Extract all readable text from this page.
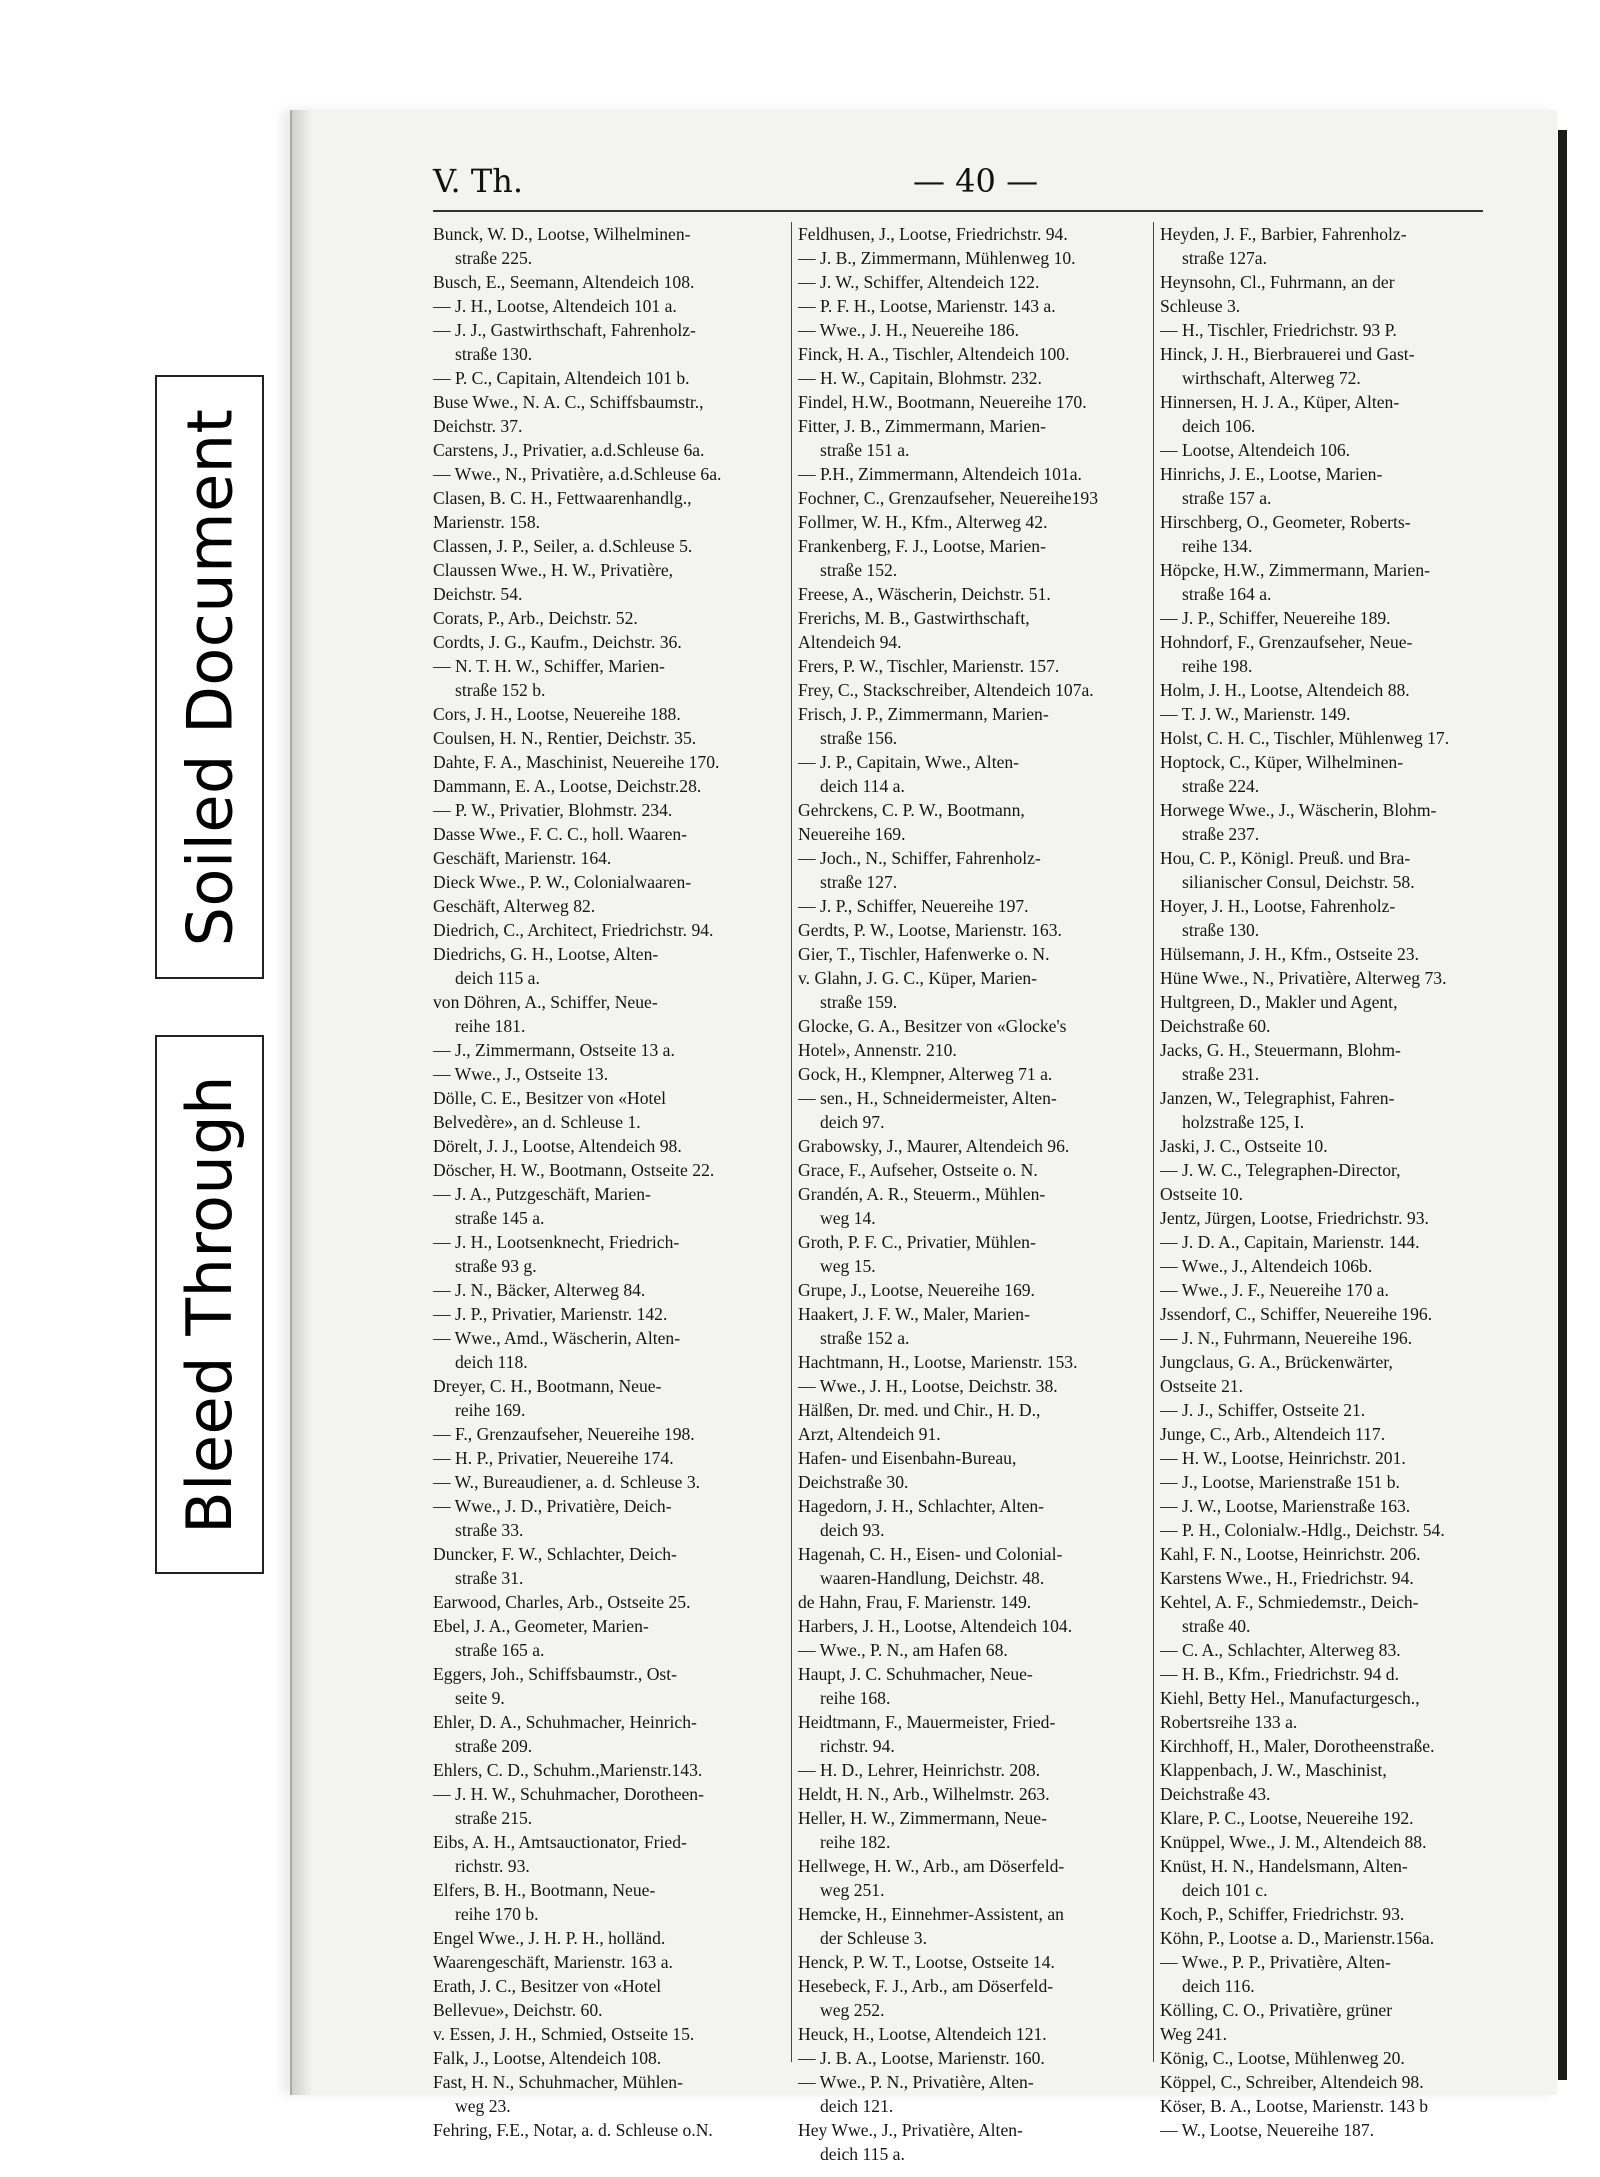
Soiled Document
Bleed Through
V. Th.	— 40 —
Bunck, W. D., Lootse, Wilhelminen-
straße 225.
Busch, E., Seemann, Altendeich 108.
— J. H., Lootse, Altendeich 101 a.
— J. J., Gastwirthschaft, Fahrenholz-
straße 130.
— P. C., Capitain, Altendeich 101 b.
Buse Wwe., N. A. C., Schiffsbaumstr.,
Deichstr. 37.
Carstens, J., Privatier, a.d.Schleuse 6a.
— Wwe., N., Privatière, a.d.Schleuse 6a.
Clasen, B. C. H., Fettwaarenhandlg.,
Marienstr. 158.
Classen, J. P., Seiler, a. d.Schleuse 5.
Claussen Wwe., H. W., Privatière,
Deichstr. 54.
Corats, P., Arb., Deichstr. 52.
Cordts, J. G., Kaufm., Deichstr. 36.
— N. T. H. W., Schiffer, Marien-
straße 152 b.
Cors, J. H., Lootse, Neuereihe 188.
Coulsen, H. N., Rentier, Deichstr. 35.
Dahte, F. A., Maschinist, Neuereihe 170.
Dammann, E. A., Lootse, Deichstr.28.
— P. W., Privatier, Blohmstr. 234.
Dasse Wwe., F. C. C., holl. Waaren-
Geschäft, Marienstr. 164.
Dieck Wwe., P. W., Colonialwaaren-
Geschäft, Alterweg 82.
Diedrich, C., Architect, Friedrichstr. 94.
Diedrichs, G. H., Lootse, Alten-
deich 115 a.
von Döhren, A., Schiffer, Neue-
reihe 181.
— J., Zimmermann, Ostseite 13 a.
— Wwe., J., Ostseite 13.
Dölle, C. E., Besitzer von «Hotel
Belvedère», an d. Schleuse 1.
Dörelt, J. J., Lootse, Altendeich 98.
Döscher, H. W., Bootmann, Ostseite 22.
— J. A., Putzgeschäft, Marien-
straße 145 a.
— J. H., Lootsenknecht, Friedrich-
straße 93 g.
— J. N., Bäcker, Alterweg 84.
— J. P., Privatier, Marienstr. 142.
— Wwe., Amd., Wäscherin, Alten-
deich 118.
Dreyer, C. H., Bootmann, Neue-
reihe 169.
— F., Grenzaufseher, Neuereihe 198.
— H. P., Privatier, Neuereihe 174.
— W., Bureaudiener, a. d. Schleuse 3.
— Wwe., J. D., Privatière, Deich-
straße 33.
Duncker, F. W., Schlachter, Deich-
straße 31.
Earwood, Charles, Arb., Ostseite 25.
Ebel, J. A., Geometer, Marien-
straße 165 a.
Eggers, Joh., Schiffsbaumstr., Ost-
seite 9.
Ehler, D. A., Schuhmacher, Heinrich-
straße 209.
Ehlers, C. D., Schuhm.,Marienstr.143.
— J. H. W., Schuhmacher, Dorotheen-
straße 215.
Eibs, A. H., Amtsauctionator, Fried-
richstr. 93.
Elfers, B. H., Bootmann, Neue-
reihe 170 b.
Engel Wwe., J. H. P. H., holländ.
Waarengeschäft, Marienstr. 163 a.
Erath, J. C., Besitzer von «Hotel
Bellevue», Deichstr. 60.
v. Essen, J. H., Schmied, Ostseite 15.
Falk, J., Lootse, Altendeich 108.
Fast, H. N., Schuhmacher, Mühlen-
weg 23.
Fehring, F.E., Notar, a. d. Schleuse o.N.
Feldhusen, J., Lootse, Friedrichstr. 94.
— J. B., Zimmermann, Mühlenweg 10.
— J. W., Schiffer, Altendeich 122.
— P. F. H., Lootse, Marienstr. 143 a.
— Wwe., J. H., Neuereihe 186.
Finck, H. A., Tischler, Altendeich 100.
— H. W., Capitain, Blohmstr. 232.
Findel, H.W., Bootmann, Neuereihe 170.
Fitter, J. B., Zimmermann, Marien-
straße 151 a.
— P.H., Zimmermann, Altendeich 101a.
Fochner, C., Grenzaufseher, Neuereihe193
Follmer, W. H., Kfm., Alterweg 42.
Frankenberg, F. J., Lootse, Marien-
straße 152.
Freese, A., Wäscherin, Deichstr. 51.
Frerichs, M. B., Gastwirthschaft,
Altendeich 94.
Frers, P. W., Tischler, Marienstr. 157.
Frey, C., Stackschreiber, Altendeich 107a.
Frisch, J. P., Zimmermann, Marien-
straße 156.
— J. P., Capitain, Wwe., Alten-
deich 114 a.
Gehrckens, C. P. W., Bootmann,
Neuereihe 169.
— Joch., N., Schiffer, Fahrenholz-
straße 127.
— J. P., Schiffer, Neuereihe 197.
Gerdts, P. W., Lootse, Marienstr. 163.
Gier, T., Tischler, Hafenwerke o. N.
v. Glahn, J. G. C., Küper, Marien-
straße 159.
Glocke, G. A., Besitzer von «Glocke's
Hotel», Annenstr. 210.
Gock, H., Klempner, Alterweg 71 a.
— sen., H., Schneidermeister, Alten-
deich 97.
Grabowsky, J., Maurer, Altendeich 96.
Grace, F., Aufseher, Ostseite o. N.
Grandén, A. R., Steuerm., Mühlen-
weg 14.
Groth, P. F. C., Privatier, Mühlen-
weg 15.
Grupe, J., Lootse, Neuereihe 169.
Haakert, J. F. W., Maler, Marien-
straße 152 a.
Hachtmann, H., Lootse, Marienstr. 153.
— Wwe., J. H., Lootse, Deichstr. 38.
Hälßen, Dr. med. und Chir., H. D.,
Arzt, Altendeich 91.
Hafen- und Eisenbahn-Bureau,
Deichstraße 30.
Hagedorn, J. H., Schlachter, Alten-
deich 93.
Hagenah, C. H., Eisen- und Colonial-
waaren-Handlung, Deichstr. 48.
de Hahn, Frau, F. Marienstr. 149.
Harbers, J. H., Lootse, Altendeich 104.
— Wwe., P. N., am Hafen 68.
Haupt, J. C. Schuhmacher, Neue-
reihe 168.
Heidtmann, F., Mauermeister, Fried-
richstr. 94.
— H. D., Lehrer, Heinrichstr. 208.
Heldt, H. N., Arb., Wilhelmstr. 263.
Heller, H. W., Zimmermann, Neue-
reihe 182.
Hellwege, H. W., Arb., am Döserfeld-
weg 251.
Hemcke, H., Einnehmer-Assistent, an
der Schleuse 3.
Henck, P. W. T., Lootse, Ostseite 14.
Hesebeck, F. J., Arb., am Döserfeld-
weg 252.
Heuck, H., Lootse, Altendeich 121.
— J. B. A., Lootse, Marienstr. 160.
— Wwe., P. N., Privatière, Alten-
deich 121.
Hey Wwe., J., Privatière, Alten-
deich 115 a.
Heyden, J. F., Barbier, Fahrenholz-
straße 127a.
Heynsohn, Cl., Fuhrmann, an der
Schleuse 3.
— H., Tischler, Friedrichstr. 93 P.
Hinck, J. H., Bierbrauerei und Gast-
wirthschaft, Alterweg 72.
Hinnersen, H. J. A., Küper, Alten-
deich 106.
— Lootse, Altendeich 106.
Hinrichs, J. E., Lootse, Marien-
straße 157 a.
Hirschberg, O., Geometer, Roberts-
reihe 134.
Höpcke, H.W., Zimmermann, Marien-
straße 164 a.
— J. P., Schiffer, Neuereihe 189.
Hohndorf, F., Grenzaufseher, Neue-
reihe 198.
Holm, J. H., Lootse, Altendeich 88.
— T. J. W., Marienstr. 149.
Holst, C. H. C., Tischler, Mühlenweg 17.
Hoptock, C., Küper, Wilhelminen-
straße 224.
Horwege Wwe., J., Wäscherin, Blohm-
straße 237.
Hou, C. P., Königl. Preuß. und Bra-
silianischer Consul, Deichstr. 58.
Hoyer, J. H., Lootse, Fahrenholz-
straße 130.
Hülsemann, J. H., Kfm., Ostseite 23.
Hüne Wwe., N., Privatière, Alterweg 73.
Hultgreen, D., Makler und Agent,
Deichstraße 60.
Jacks, G. H., Steuermann, Blohm-
straße 231.
Janzen, W., Telegraphist, Fahren-
holzstraße 125, I.
Jaski, J. C., Ostseite 10.
— J. W. C., Telegraphen-Director,
Ostseite 10.
Jentz, Jürgen, Lootse, Friedrichstr. 93.
— J. D. A., Capitain, Marienstr. 144.
— Wwe., J., Altendeich 106b.
— Wwe., J. F., Neuereihe 170 a.
Jssendorf, C., Schiffer, Neuereihe 196.
— J. N., Fuhrmann, Neuereihe 196.
Jungclaus, G. A., Brückenwärter,
Ostseite 21.
— J. J., Schiffer, Ostseite 21.
Junge, C., Arb., Altendeich 117.
— H. W., Lootse, Heinrichstr. 201.
— J., Lootse, Marienstraße 151 b.
— J. W., Lootse, Marienstraße 163.
— P. H., Colonialw.-Hdlg., Deichstr. 54.
Kahl, F. N., Lootse, Heinrichstr. 206.
Karstens Wwe., H., Friedrichstr. 94.
Kehtel, A. F., Schmiedemstr., Deich-
straße 40.
— C. A., Schlachter, Alterweg 83.
— H. B., Kfm., Friedrichstr. 94 d.
Kiehl, Betty Hel., Manufacturgesch.,
Robertsreihe 133 a.
Kirchhoff, H., Maler, Dorotheenstraße.
Klappenbach, J. W., Maschinist,
Deichstraße 43.
Klare, P. C., Lootse, Neuereihe 192.
Knüppel, Wwe., J. M., Altendeich 88.
Knüst, H. N., Handelsmann, Alten-
deich 101 c.
Koch, P., Schiffer, Friedrichstr. 93.
Köhn, P., Lootse a. D., Marienstr.156a.
— Wwe., P. P., Privatière, Alten-
deich 116.
Kölling, C. O., Privatière, grüner
Weg 241.
König, C., Lootse, Mühlenweg 20.
Köppel, C., Schreiber, Altendeich 98.
Köser, B. A., Lootse, Marienstr. 143 b
— W., Lootse, Neuereihe 187.
